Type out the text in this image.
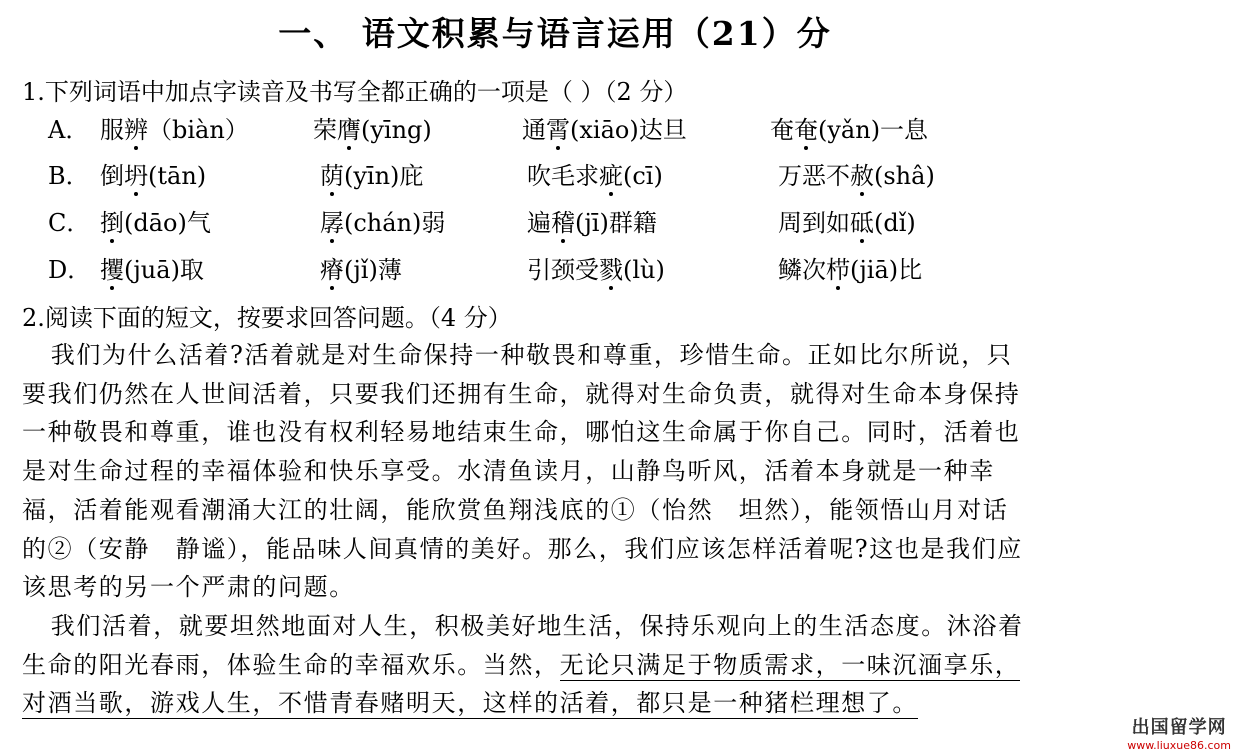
一、 语文积累与语言运用（21）分
1.下列词语中加点字读音及书写全都正确的一项是（ ）（2 分）
A． 服辨（biàn）	荣膺(yīng)	通霄(xiāo)达旦	奄奄(yǎn)一息
B． 倒坍(tān)	荫(yīn)庇	吹毛求疵(cī)	万恶不赦(shâ)
C． 捯(dāo)气	孱(chán)弱	遍稽(jī)群籍	周到如砥(dǐ)
D． 攫(juā)取	瘠(jǐ)薄	引颈受戮(lù)	鳞次栉(jiā)比
2.阅读下面的短文，按要求回答问题。（4 分）

我们为什么活着?活着就是对生命保持一种敬畏和尊重，珍惜生命。正如比尔所说，只要我们仍然在人世间活着，只要我们还拥有生命，就得对生命负责，就得对生命本身保持一种敬畏和尊重，谁也没有权利轻易地结束生命，哪怕这生命属于你自己。同时，活着也是对生命过程的幸福体验和快乐享受。水清鱼读月，山静鸟听风，活着本身就是一种幸福，活着能观看潮涌大江的壮阔，能欣赏鱼翔浅底的①（怡然　坦然），能领悟山月对话的②（安静　静谧），能品味人间真情的美好。那么，我们应该怎样活着呢?这也是我们应该思考的另一个严肃的问题。

我们活着，就要坦然地面对人生，积极美好地生活，保持乐观向上的生活态度。沐浴着生命的阳光春雨，体验生命的幸福欢乐。当然，无论只满足于物质需求，一味沉湎享乐，对酒当歌，游戏人生，不惜青春赌明天，这样的活着，都只是一种猪栏理想了。

出国留学网
www.liuxue86.com
